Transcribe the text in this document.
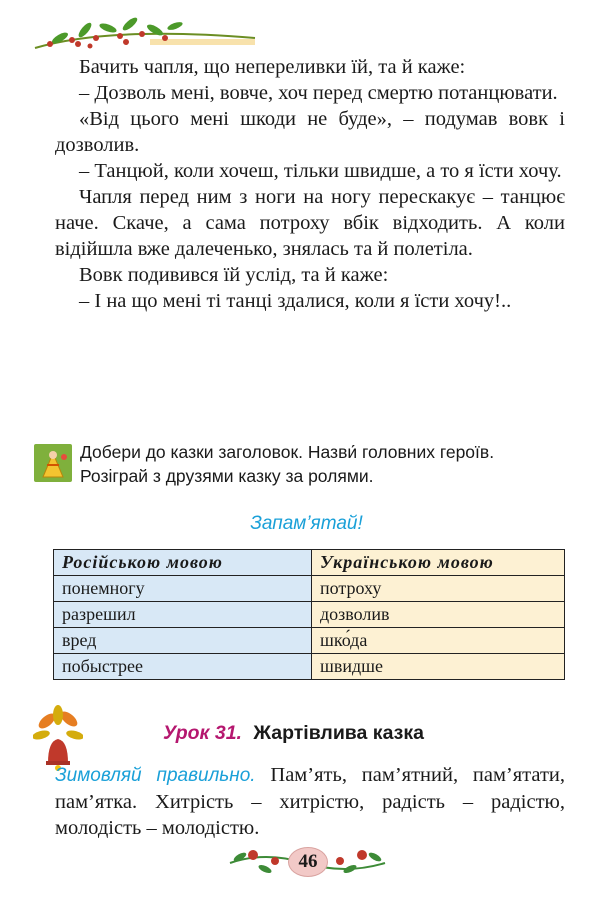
Бачить чапля, що непереливки їй, та й каже:

– Дозволь мені, вовче, хоч перед смертю потанцювати.

«Від цього мені шкоди не буде», – подумав вовк і дозволив.

– Танцюй, коли хочеш, тільки швидше, а то я їсти хочу.

Чапля перед ним з ноги на ногу перескакує – танцює наче. Скаче, а сама потроху вбік відходить. А коли відійшла вже далеченько, знялась та й полетіла.

Вовк подивився їй услід, та й каже:

– І на що мені ті танці здалися, коли я їсти хочу!..

Добери до казки заголовок. Назви́ головних героїв.
Розіграй з друзями казку за ролями.
Запам’ятай!
Російською мовою	Українською мовою
понемногу	потроху
разрешил	дозволив
вред	шко́да
побыстрее	швидше
Урок 31. Жартівлива казка
Зимовляй правильно. Пам’ять, пам’ятний, пам’ятати, пам’ятка. Хитрість – хитрістю, радість – радістю, молодість – молодістю.
46
